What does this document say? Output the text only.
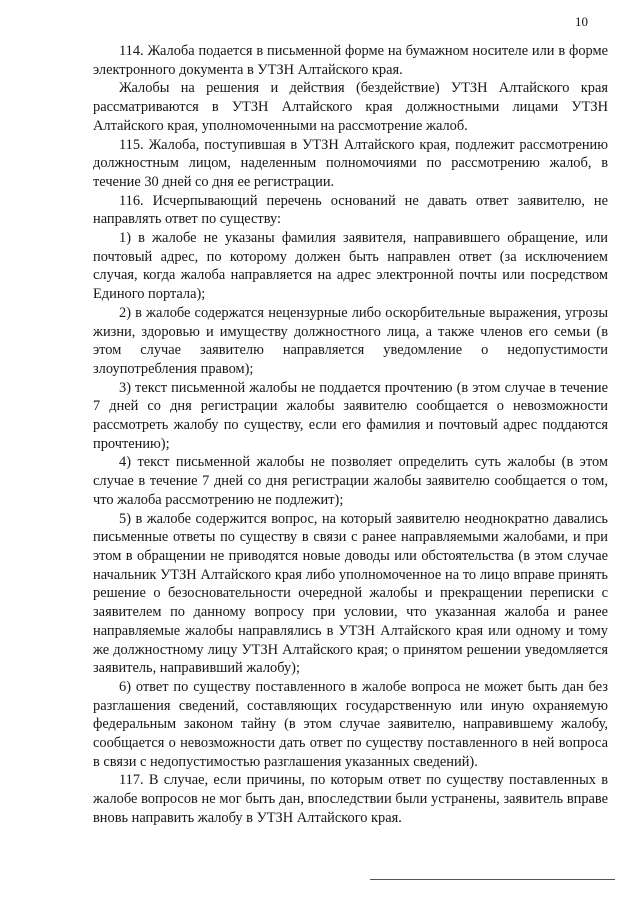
10

114. Жалоба подается в письменной форме на бумажном носителе или в форме электронного документа в УТЗН Алтайского края.

Жалобы на решения и действия (бездействие) УТЗН Алтайского края рассматриваются в УТЗН Алтайского края должностными лицами УТЗН Алтайского края, уполномоченными на рассмотрение жалоб.

115. Жалоба, поступившая в УТЗН Алтайского края, подлежит рассмотрению должностным лицом, наделенным полномочиями по рассмотрению жалоб, в течение 30 дней со дня ее регистрации.

116. Исчерпывающий перечень оснований не давать ответ заявителю, не направлять ответ по существу:

1) в жалобе не указаны фамилия заявителя, направившего обращение, или почтовый адрес, по которому должен быть направлен ответ (за исключением случая, когда жалоба направляется на адрес электронной почты или посредством Единого портала);

2) в жалобе содержатся нецензурные либо оскорбительные выражения, угрозы жизни, здоровью и имуществу должностного лица, а также членов его семьи (в этом случае заявителю направляется уведомление о недопустимости злоупотребления правом);

3) текст письменной жалобы не поддается прочтению (в этом случае в течение 7 дней со дня регистрации жалобы заявителю сообщается о невозможности рассмотреть жалобу по существу, если его фамилия и почтовый адрес поддаются прочтению);

4) текст письменной жалобы не позволяет определить суть жалобы (в этом случае в течение 7 дней со дня регистрации жалобы заявителю сообщается о том, что жалоба рассмотрению не подлежит);

5) в жалобе содержится вопрос, на который заявителю неоднократно давались письменные ответы по существу в связи с ранее направляемыми жалобами, и при этом в обращении не приводятся новые доводы или обстоятельства (в этом случае начальник УТЗН Алтайского края либо уполномоченное на то лицо вправе принять решение о безосновательности очередной жалобы и прекращении переписки с заявителем по данному вопросу при условии, что указанная жалоба и ранее направляемые жалобы направлялись в УТЗН Алтайского края или одному и тому же должностному лицу УТЗН Алтайского края; о принятом решении уведомляется заявитель, направивший жалобу);

6) ответ по существу поставленного в жалобе вопроса не может быть дан без разглашения сведений, составляющих государственную или иную охраняемую федеральным законом тайну (в этом случае заявителю, направившему жалобу, сообщается о невозможности дать ответ по существу поставленного в ней вопроса в связи с недопустимостью разглашения указанных сведений).

117. В случае, если причины, по которым ответ по существу поставленных в жалобе вопросов не мог быть дан, впоследствии были устранены, заявитель вправе вновь направить жалобу в УТЗН Алтайского края.
